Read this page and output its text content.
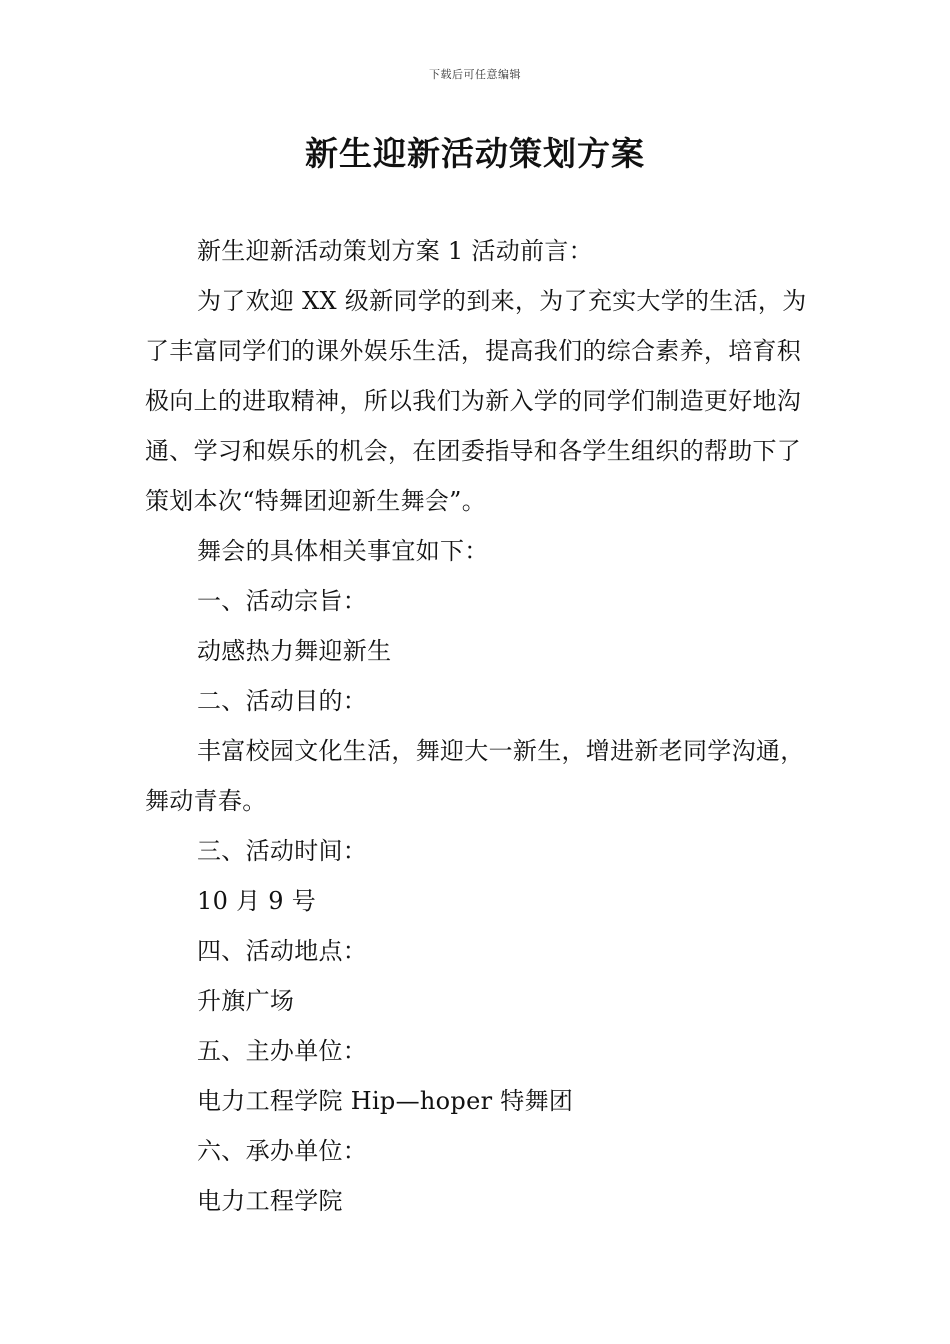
下载后可任意编辑
新生迎新活动策划方案

新生迎新活动策划方案 1 活动前言：

为了欢迎 XX 级新同学的到来，为了充实大学的生活，为了丰富同学们的课外娱乐生活，提高我们的综合素养，培育积极向上的进取精神，所以我们为新入学的同学们制造更好地沟通、学习和娱乐的机会，在团委指导和各学生组织的帮助下了策划本次“特舞团迎新生舞会”。

舞会的具体相关事宜如下：

一、活动宗旨：

动感热力舞迎新生

二、活动目的：

丰富校园文化生活，舞迎大一新生，增进新老同学沟通，舞动青春。

三、活动时间：

10 月 9 号

四、活动地点：

升旗广场

五、主办单位：

电力工程学院 Hip—hoper 特舞团

六、承办单位：

电力工程学院
